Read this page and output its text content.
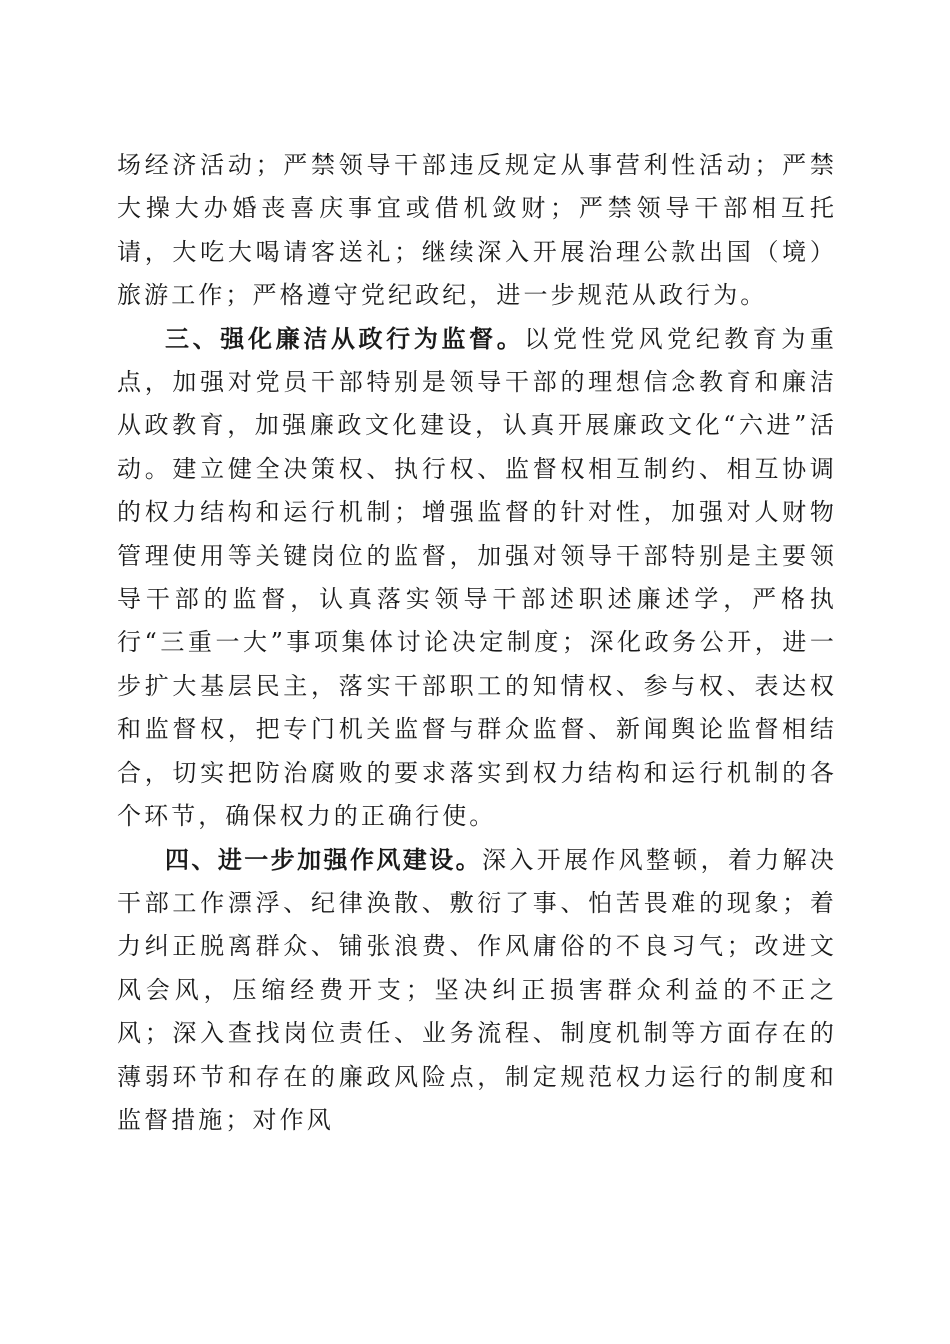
场经济活动；严禁领导干部违反规定从事营利性活动；严禁大操大办婚丧喜庆事宜或借机敛财；严禁领导干部相互托请，大吃大喝请客送礼；继续深入开展治理公款出国（境）旅游工作；严格遵守党纪政纪，进一步规范从政行为。

三、强化廉洁从政行为监督。以党性党风党纪教育为重点，加强对党员干部特别是领导干部的理想信念教育和廉洁从政教育，加强廉政文化建设，认真开展廉政文化“六进”活动。建立健全决策权、执行权、监督权相互制约、相互协调的权力结构和运行机制；增强监督的针对性，加强对人财物管理使用等关键岗位的监督，加强对领导干部特别是主要领导干部的监督，认真落实领导干部述职述廉述学，严格执行“三重一大”事项集体讨论决定制度；深化政务公开，进一步扩大基层民主，落实干部职工的知情权、参与权、表达权和监督权，把专门机关监督与群众监督、新闻舆论监督相结合，切实把防治腐败的要求落实到权力结构和运行机制的各个环节，确保权力的正确行使。

四、进一步加强作风建设。深入开展作风整顿，着力解决干部工作漂浮、纪律涣散、敷衍了事、怕苦畏难的现象；着力纠正脱离群众、铺张浪费、作风庸俗的不良习气；改进文风会风，压缩经费开支；坚决纠正损害群众利益的不正之风；深入查找岗位责任、业务流程、制度机制等方面存在的薄弱环节和存在的廉政风险点，制定规范权力运行的制度和监督措施；对作风
